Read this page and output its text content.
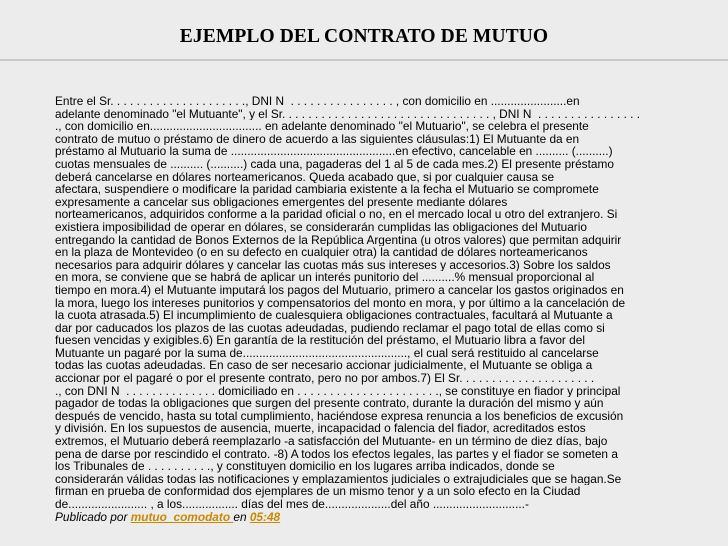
EJEMPLO DEL CONTRATO DE MUTUO
Entre el Sr. . . . . . . . . . . . . . . . . . . . ., DNI N  . . . . . . . . . . . . . . . . , con domicilio en .......................en
adelante denominado "el Mutuante", y el Sr. . . . . . . . . . . . . . . . . . . . . . . . . . . . . . . . , DNI N  . . . . . . . . . . . . . . . .
., con domicilio en.................................. en adelante denominado "el Mutuario", se celebra el presente
contrato de mutuo o préstamo de dinero de acuerdo a las siguientes cláusulas:1) El Mutuante da en
préstamo al Mutuario la suma de ..................................................en efectivo, cancelable en .......... (..........)
cuotas mensuales de .......... (..........) cada una, pagaderas del 1 al 5 de cada mes.2) El presente préstamo
deberá cancelarse en dólares norteamericanos. Queda acabado que, si por cualquier causa se
afectara, suspendiere o modificare la paridad cambiaria existente a la fecha el Mutuario se compromete
expresamente a cancelar sus obligaciones emergentes del presente mediante dólares
norteamericanos, adquiridos conforme a la paridad oficial o no, en el mercado local u otro del extranjero. Si
existiera imposibilidad de operar en dólares, se considerarán cumplidas las obligaciones del Mutuario
entregando la cantidad de Bonos Externos de la República Argentina (u otros valores) que permitan adquirir
en la plaza de Montevideo (o en su defecto en cualquier otra) la cantidad de dólares norteamericanos
necesarios para adquirir dólares y cancelar las cuotas más sus intereses y accesorios.3) Sobre los saldos
en mora, se conviene que se habrá de aplicar un interés punitorio del ..........% mensual proporcional al
tiempo en mora.4) el Mutuante imputará los pagos del Mutuario, primero a cancelar los gastos originados en
la mora, luego los intereses punitorios y compensatorios del monto en mora, y por último a la cancelación de
la cuota atrasada.5) El incumplimiento de cualesquiera obligaciones contractuales, facultará al Mutuante a
dar por caducados los plazos de las cuotas adeudadas, pudiendo reclamar el pago total de ellas como si
fuesen vencidas y exigibles.6) En garantía de la restitución del préstamo, el Mutuario libra a favor del
Mutuante un pagaré por la suma de.................................................., el cual será restituido al cancelarse
todas las cuotas adeudadas. En caso de ser necesario accionar judicialmente, el Mutuante se obliga a
accionar por el pagaré o por el presente contrato, pero no por ambos.7) El Sr. . . . . . . . . . . . . . . . . . . . .
., con DNI N  . . . . . . . . . . . . . . domiciliado en . . . . . . . . . . . . . . . . . . . . . ., se constituye en fiador y principal
pagador de todas la obligaciones que surgen del presente contrato, durante la duración del mismo y aún
después de vencido, hasta su total cumplimiento, haciéndose expresa renuncia a los beneficios de excusión
y división. En los supuestos de ausencia, muerte, incapacidad o falencia del fiador, acreditados estos
extremos, el Mutuario deberá reemplazarlo -a satisfacción del Mutuante- en un término de diez días, bajo
pena de darse por rescindido el contrato. -8) A todos los efectos legales, las partes y el fiador se someten a
los Tribunales de . . . . . . . . . ., y constituyen domicilio en los lugares arriba indicados, donde se
considerarán válidas todas las notificaciones y emplazamientos judiciales o extrajudiciales que se hagan.Se
firman en prueba de conformidad dos ejemplares de un mismo tenor y a un solo efecto en la Ciudad
de........................ , a los................. días del mes de....................del año ............................-
Publicado por mutuo_comodato en 05:48
